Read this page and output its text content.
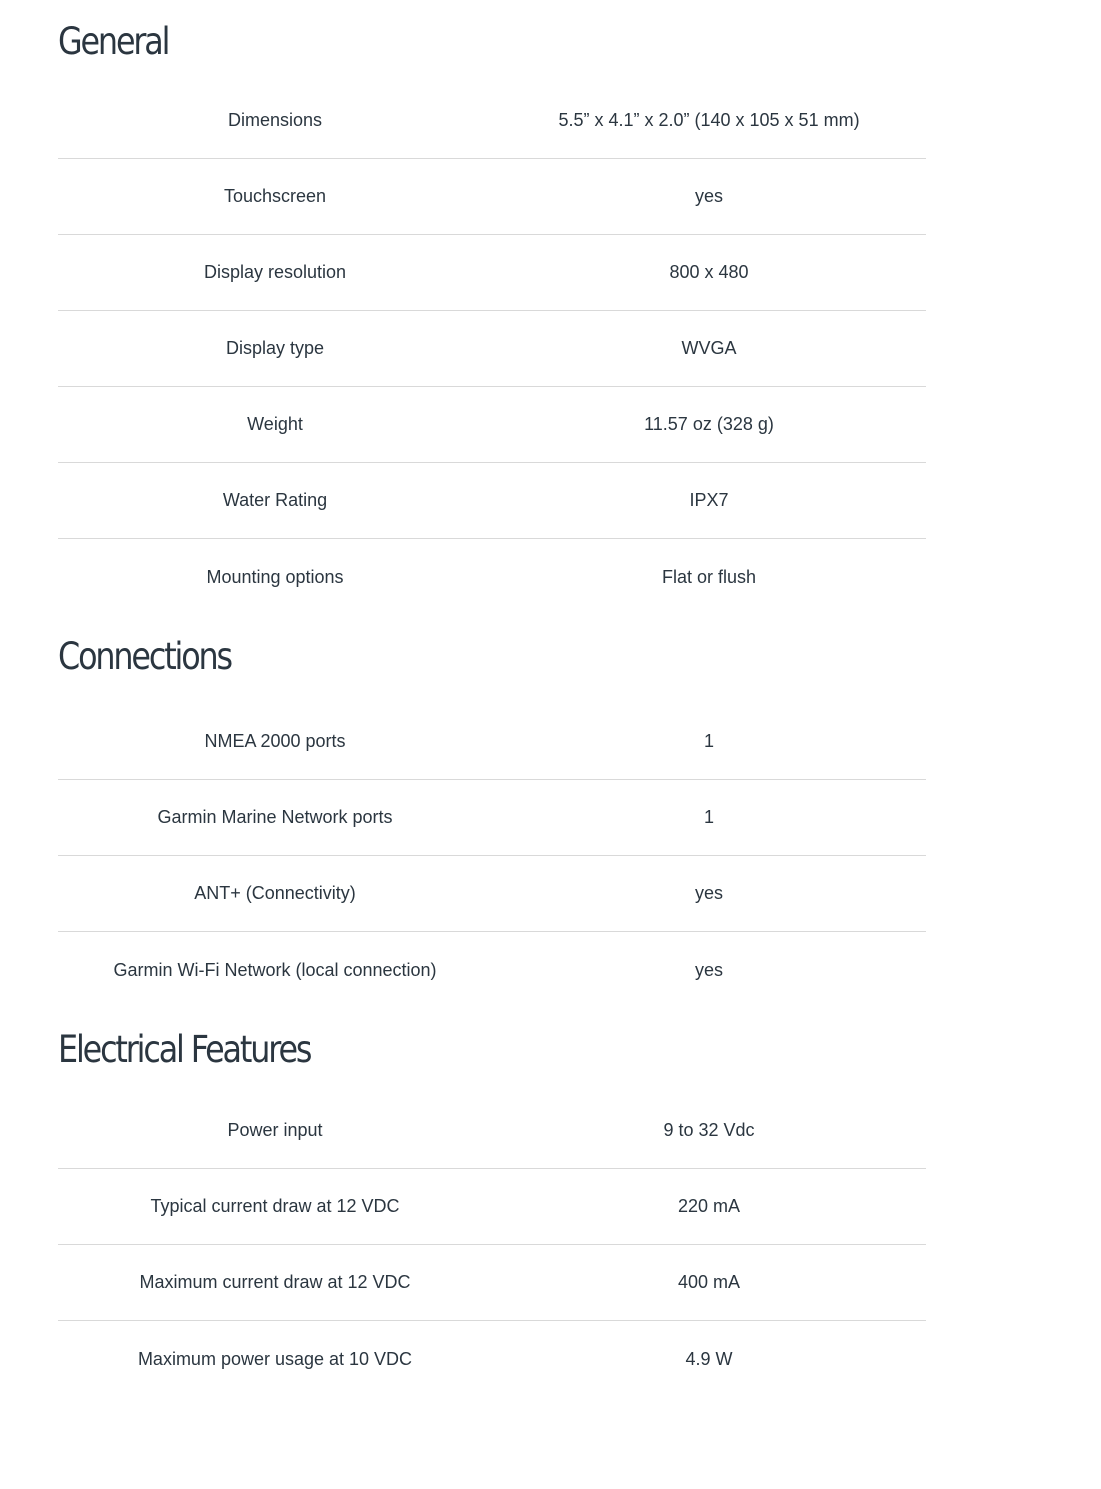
General
Dimensions	5.5” x 4.1” x 2.0” (140 x 105 x 51 mm)
Touchscreen	yes
Display resolution	800 x 480
Display type	WVGA
Weight	11.57 oz (328 g)
Water Rating	IPX7
Mounting options	Flat or flush
Connections
NMEA 2000 ports	1
Garmin Marine Network ports	1
ANT+ (Connectivity)	yes
Garmin Wi-Fi Network (local connection)	yes
Electrical Features
Power input	9 to 32 Vdc
Typical current draw at 12 VDC	220 mA
Maximum current draw at 12 VDC	400 mA
Maximum power usage at 10 VDC	4.9 W
